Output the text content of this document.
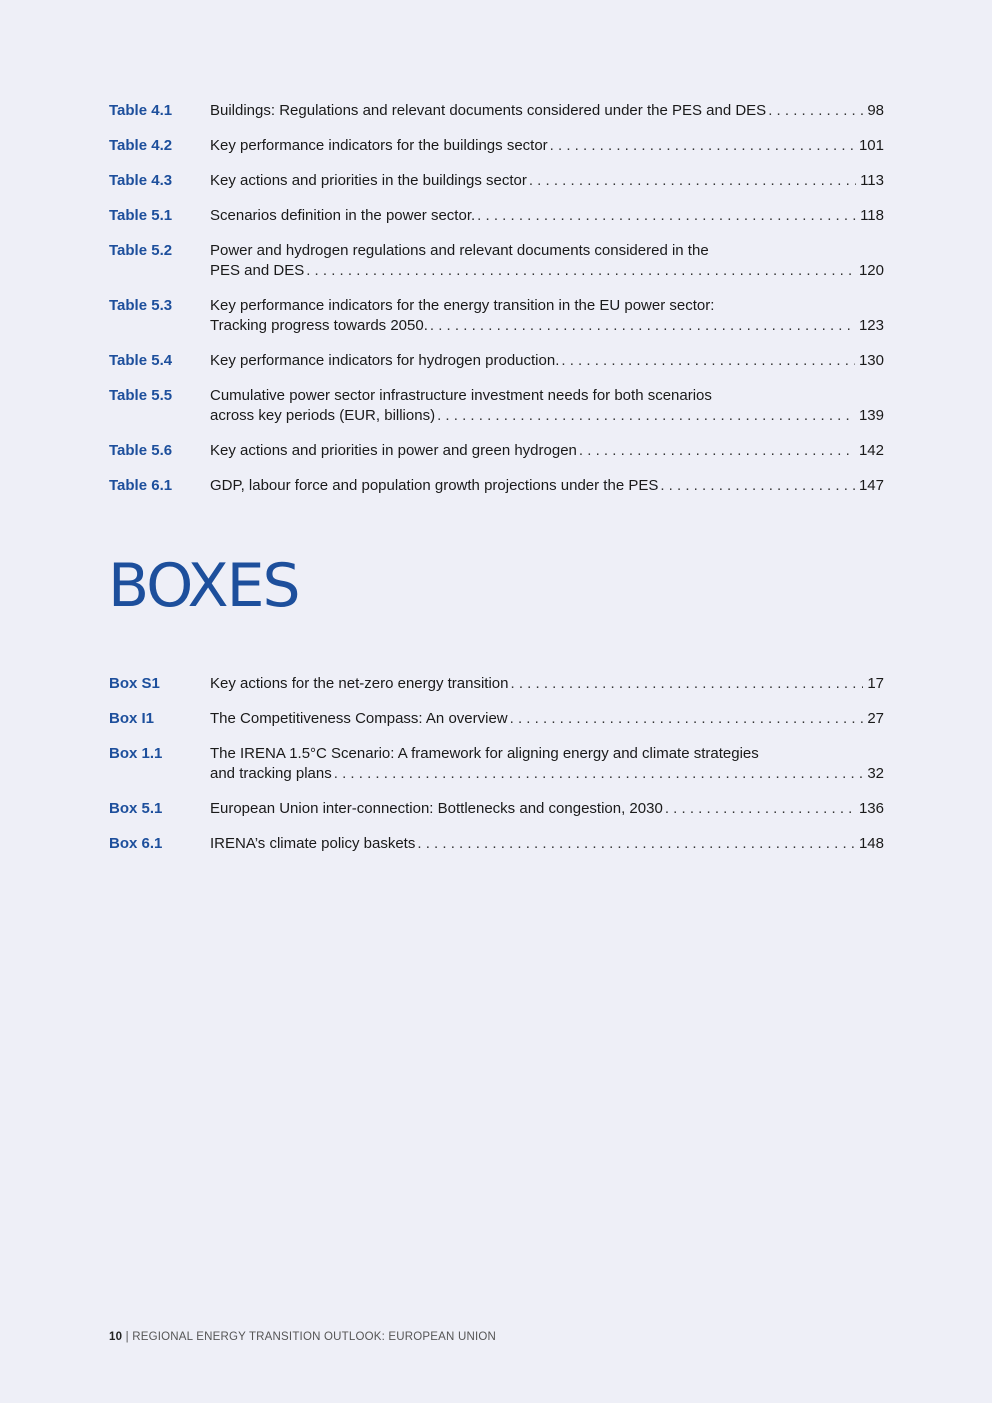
Table 4.1	Buildings: Regulations and relevant documents considered under the PES and DES . . .	98
Table 4.2	Key performance indicators for the buildings sector . . .	101
Table 4.3	Key actions and priorities in the buildings sector . . .	113
Table 5.1	Scenarios definition in the power sector. . . .	118
Table 5.2	Power and hydrogen regulations and relevant documents considered in the
PES and DES . . .	120
Table 5.3	Key performance indicators for the energy transition in the EU power sector:
Tracking progress towards 2050. . . .	123
Table 5.4	Key performance indicators for hydrogen production. . . .	130
Table 5.5	Cumulative power sector infrastructure investment needs for both scenarios
across key periods (EUR, billions) . . .	139
Table 5.6	Key actions and priorities in power and green hydrogen . . .	142
Table 6.1	GDP, labour force and population growth projections under the PES . . .	147
BOXES
Box S1	Key actions for the net-zero energy transition . . .	17
Box I1	The Competitiveness Compass: An overview . . .	27
Box 1.1	The IRENA 1.5°C Scenario: A framework for aligning energy and climate strategies
and tracking plans . . .	32
Box 5.1	European Union inter-connection: Bottlenecks and congestion, 2030 . . .	136
Box 6.1	IRENA’s climate policy baskets . . .	148
10 | REGIONAL ENERGY TRANSITION OUTLOOK: EUROPEAN UNION
